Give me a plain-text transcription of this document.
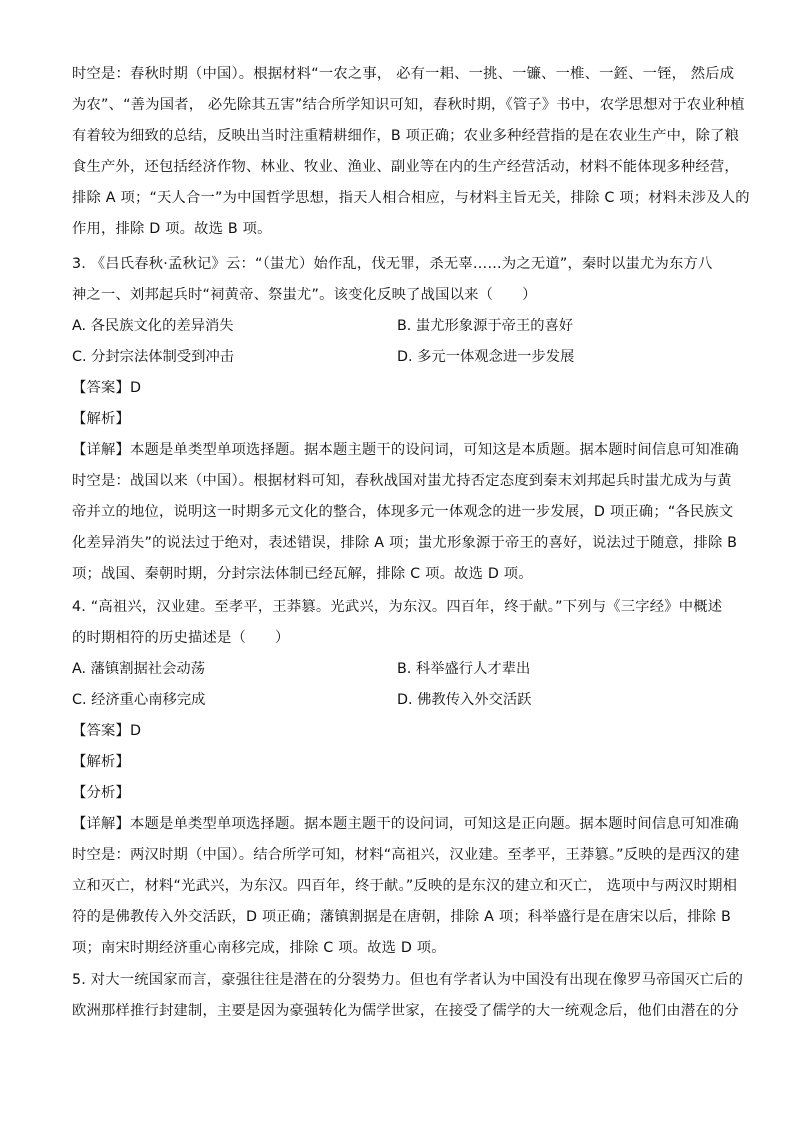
时空是：春秋时期（中国）。根据材料“一农之事， 必有一耜、一挑、一镰、一椎、一銍、一铚， 然后成
为农”、“善为国者， 必先除其五害”结合所学知识可知，春秋时期，《管子》书中，农学思想对于农业种植
有着较为细致的总结，反映出当时注重精耕细作，B 项正确；农业多种经营指的是在农业生产中，除了粮
食生产外，还包括经济作物、林业、牧业、渔业、副业等在内的生产经营活动，材料不能体现多种经营，
排除 A 项；“天人合一”为中国哲学思想，指天人相合相应，与材料主旨无关，排除 C 项；材料未涉及人的
作用，排除 D 项。故选 B 项。
3. 《吕氏春秋·孟秋记》云：“（蚩尤）始作乱，伐无罪，杀无辜……为之无道”，秦时以蚩尤为东方八
神之一、刘邦起兵时“祠黄帝、祭蚩尤”。该变化反映了战国以来（　　）
A. 各民族文化的差异消失	B. 蚩尤形象源于帝王的喜好
C. 分封宗法体制受到冲击	D. 多元一体观念进一步发展
【答案】D
【解析】
【详解】本题是单类型单项选择题。据本题主题干的设问词，可知这是本质题。据本题时间信息可知准确
时空是：战国以来（中国）。根据材料可知，春秋战国对蚩尤持否定态度到秦末刘邦起兵时蚩尤成为与黄
帝并立的地位，说明这一时期多元文化的整合，体现多元一体观念的进一步发展，D 项正确；“各民族文
化差异消失”的说法过于绝对，表述错误，排除 A 项；蚩尤形象源于帝王的喜好，说法过于随意，排除 B
项；战国、秦朝时期，分封宗法体制已经瓦解，排除 C 项。故选 D 项。
4. “高祖兴，汉业建。至孝平，王莽篡。光武兴，为东汉。四百年，终于献。”下列与《三字经》中概述
的时期相符的历史描述是（　　）
A. 藩镇割据社会动荡	B. 科举盛行人才辈出
C. 经济重心南移完成	D. 佛教传入外交活跃
【答案】D
【解析】
【分析】
【详解】本题是单类型单项选择题。据本题主题干的设问词，可知这是正向题。据本题时间信息可知准确
时空是：两汉时期（中国）。结合所学可知，材料“高祖兴，汉业建。至孝平，王莽篡。”反映的是西汉的建
立和灭亡，材料“光武兴，为东汉。四百年，终于献。”反映的是东汉的建立和灭亡， 选项中与两汉时期相
符的是佛教传入外交活跃，D 项正确；藩镇割据是在唐朝，排除 A 项；科举盛行是在唐宋以后，排除 B
项；南宋时期经济重心南移完成，排除 C 项。故选 D 项。
5. 对大一统国家而言，豪强往往是潜在的分裂势力。但也有学者认为中国没有出现在像罗马帝国灭亡后的
欧洲那样推行封建制，主要是因为豪强转化为儒学世家，在接受了儒学的大一统观念后，他们由潜在的分
